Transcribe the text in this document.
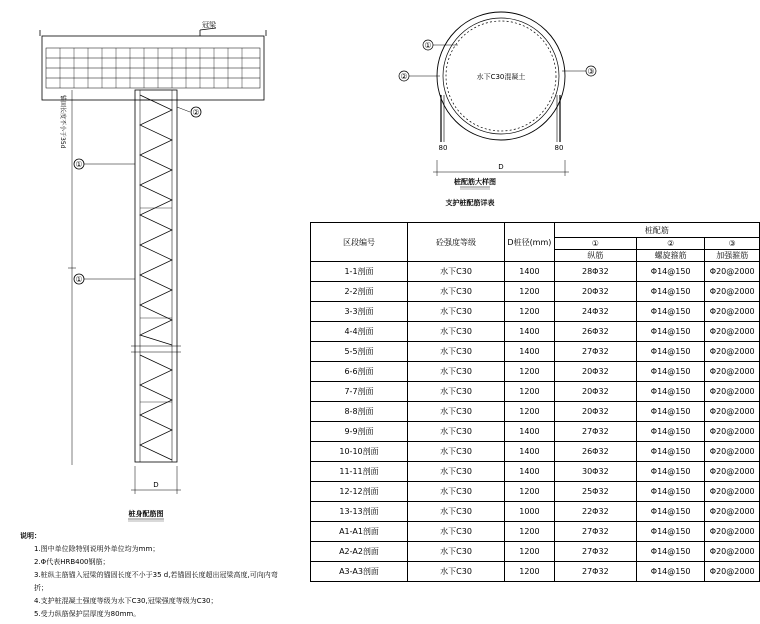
冠梁
锚固长度不小于35d	②
①
①
D
桩身配筋图
水下C30混凝土
①
②
③
80	80
D
桩配筋大样图
支护桩配筋详表
区段编号	砼强度等级	D桩径(mm)	桩配筋		
			①	②	③
			纵筋	螺旋箍筋	加强箍筋
1-1剖面	水下C30	1400	28Φ32	Φ14@150	Φ20@2000
2-2剖面	水下C30	1200	20Φ32	Φ14@150	Φ20@2000
3-3剖面	水下C30	1200	24Φ32	Φ14@150	Φ20@2000
4-4剖面	水下C30	1400	26Φ32	Φ14@150	Φ20@2000
5-5剖面	水下C30	1400	27Φ32	Φ14@150	Φ20@2000
6-6剖面	水下C30	1200	20Φ32	Φ14@150	Φ20@2000
7-7剖面	水下C30	1200	20Φ32	Φ14@150	Φ20@2000
8-8剖面	水下C30	1200	20Φ32	Φ14@150	Φ20@2000
9-9剖面	水下C30	1400	27Φ32	Φ14@150	Φ20@2000
10-10剖面	水下C30	1400	26Φ32	Φ14@150	Φ20@2000
11-11剖面	水下C30	1400	30Φ32	Φ14@150	Φ20@2000
12-12剖面	水下C30	1200	25Φ32	Φ14@150	Φ20@2000
13-13剖面	水下C30	1000	22Φ32	Φ14@150	Φ20@2000
A1-A1剖面	水下C30	1200	27Φ32	Φ14@150	Φ20@2000
A2-A2剖面	水下C30	1200	27Φ32	Φ14@150	Φ20@2000
A3-A3剖面	水下C30	1200	27Φ32	Φ14@150	Φ20@2000
说明：
1.图中单位除特别说明外单位均为mm；
2.Φ代表HRB400钢筋；
3.桩纵主筋锚入冠梁的锚固长度不小于35 d,若锚固长度超出冠梁高度,可向内弯
折；
4.支护桩混凝土强度等级为水下C30,冠梁强度等级为C30；
5.受力纵筋保护层厚度为80mm。
